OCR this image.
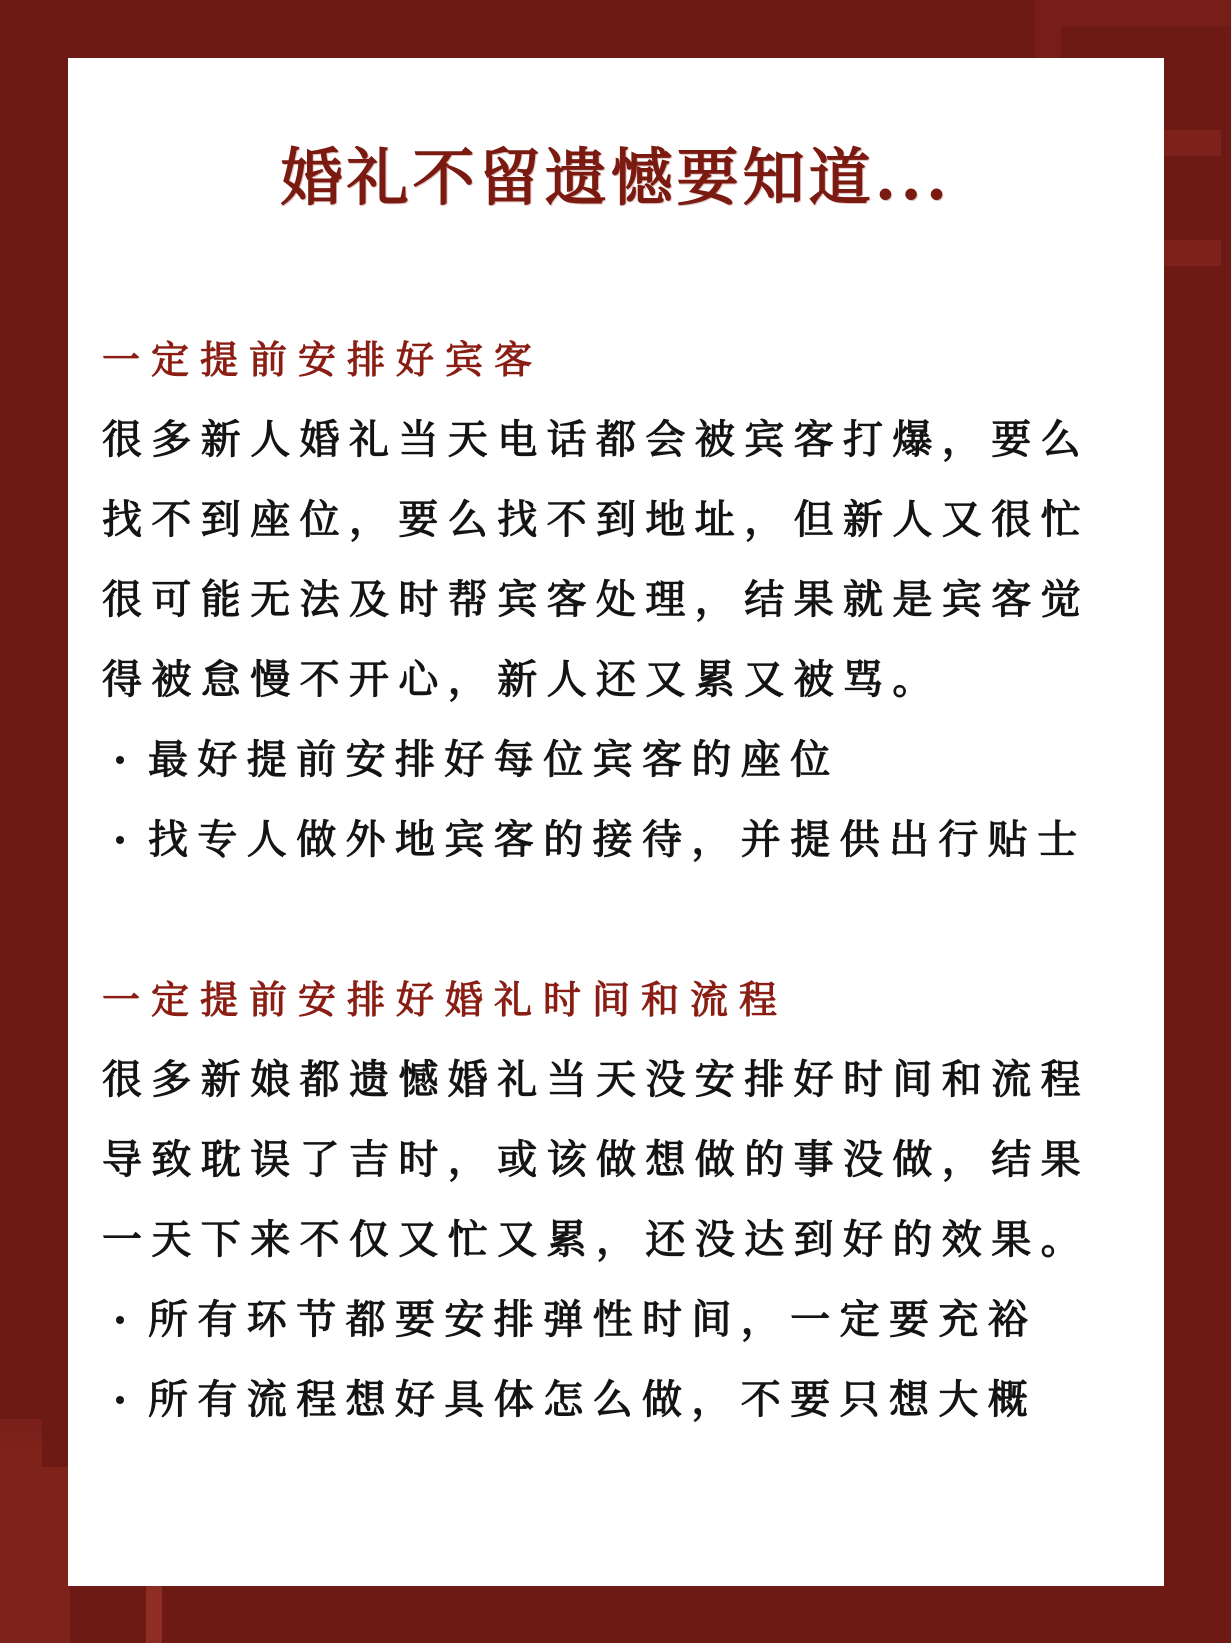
婚礼不留遗憾要知道...
一定提前安排好宾客

很多新人婚礼当天电话都会被宾客打爆，要么找不到座位，要么找不到地址，但新人又很忙很可能无法及时帮宾客处理，结果就是宾客觉得被怠慢不开心，新人还又累又被骂。

最好提前安排好每位宾客的座位
找专人做外地宾客的接待，并提供出行贴士
一定提前安排好婚礼时间和流程

很多新娘都遗憾婚礼当天没安排好时间和流程导致耽误了吉时，或该做想做的事没做，结果一天下来不仅又忙又累，还没达到好的效果。

所有环节都要安排弹性时间，一定要充裕
所有流程想好具体怎么做，不要只想大概
